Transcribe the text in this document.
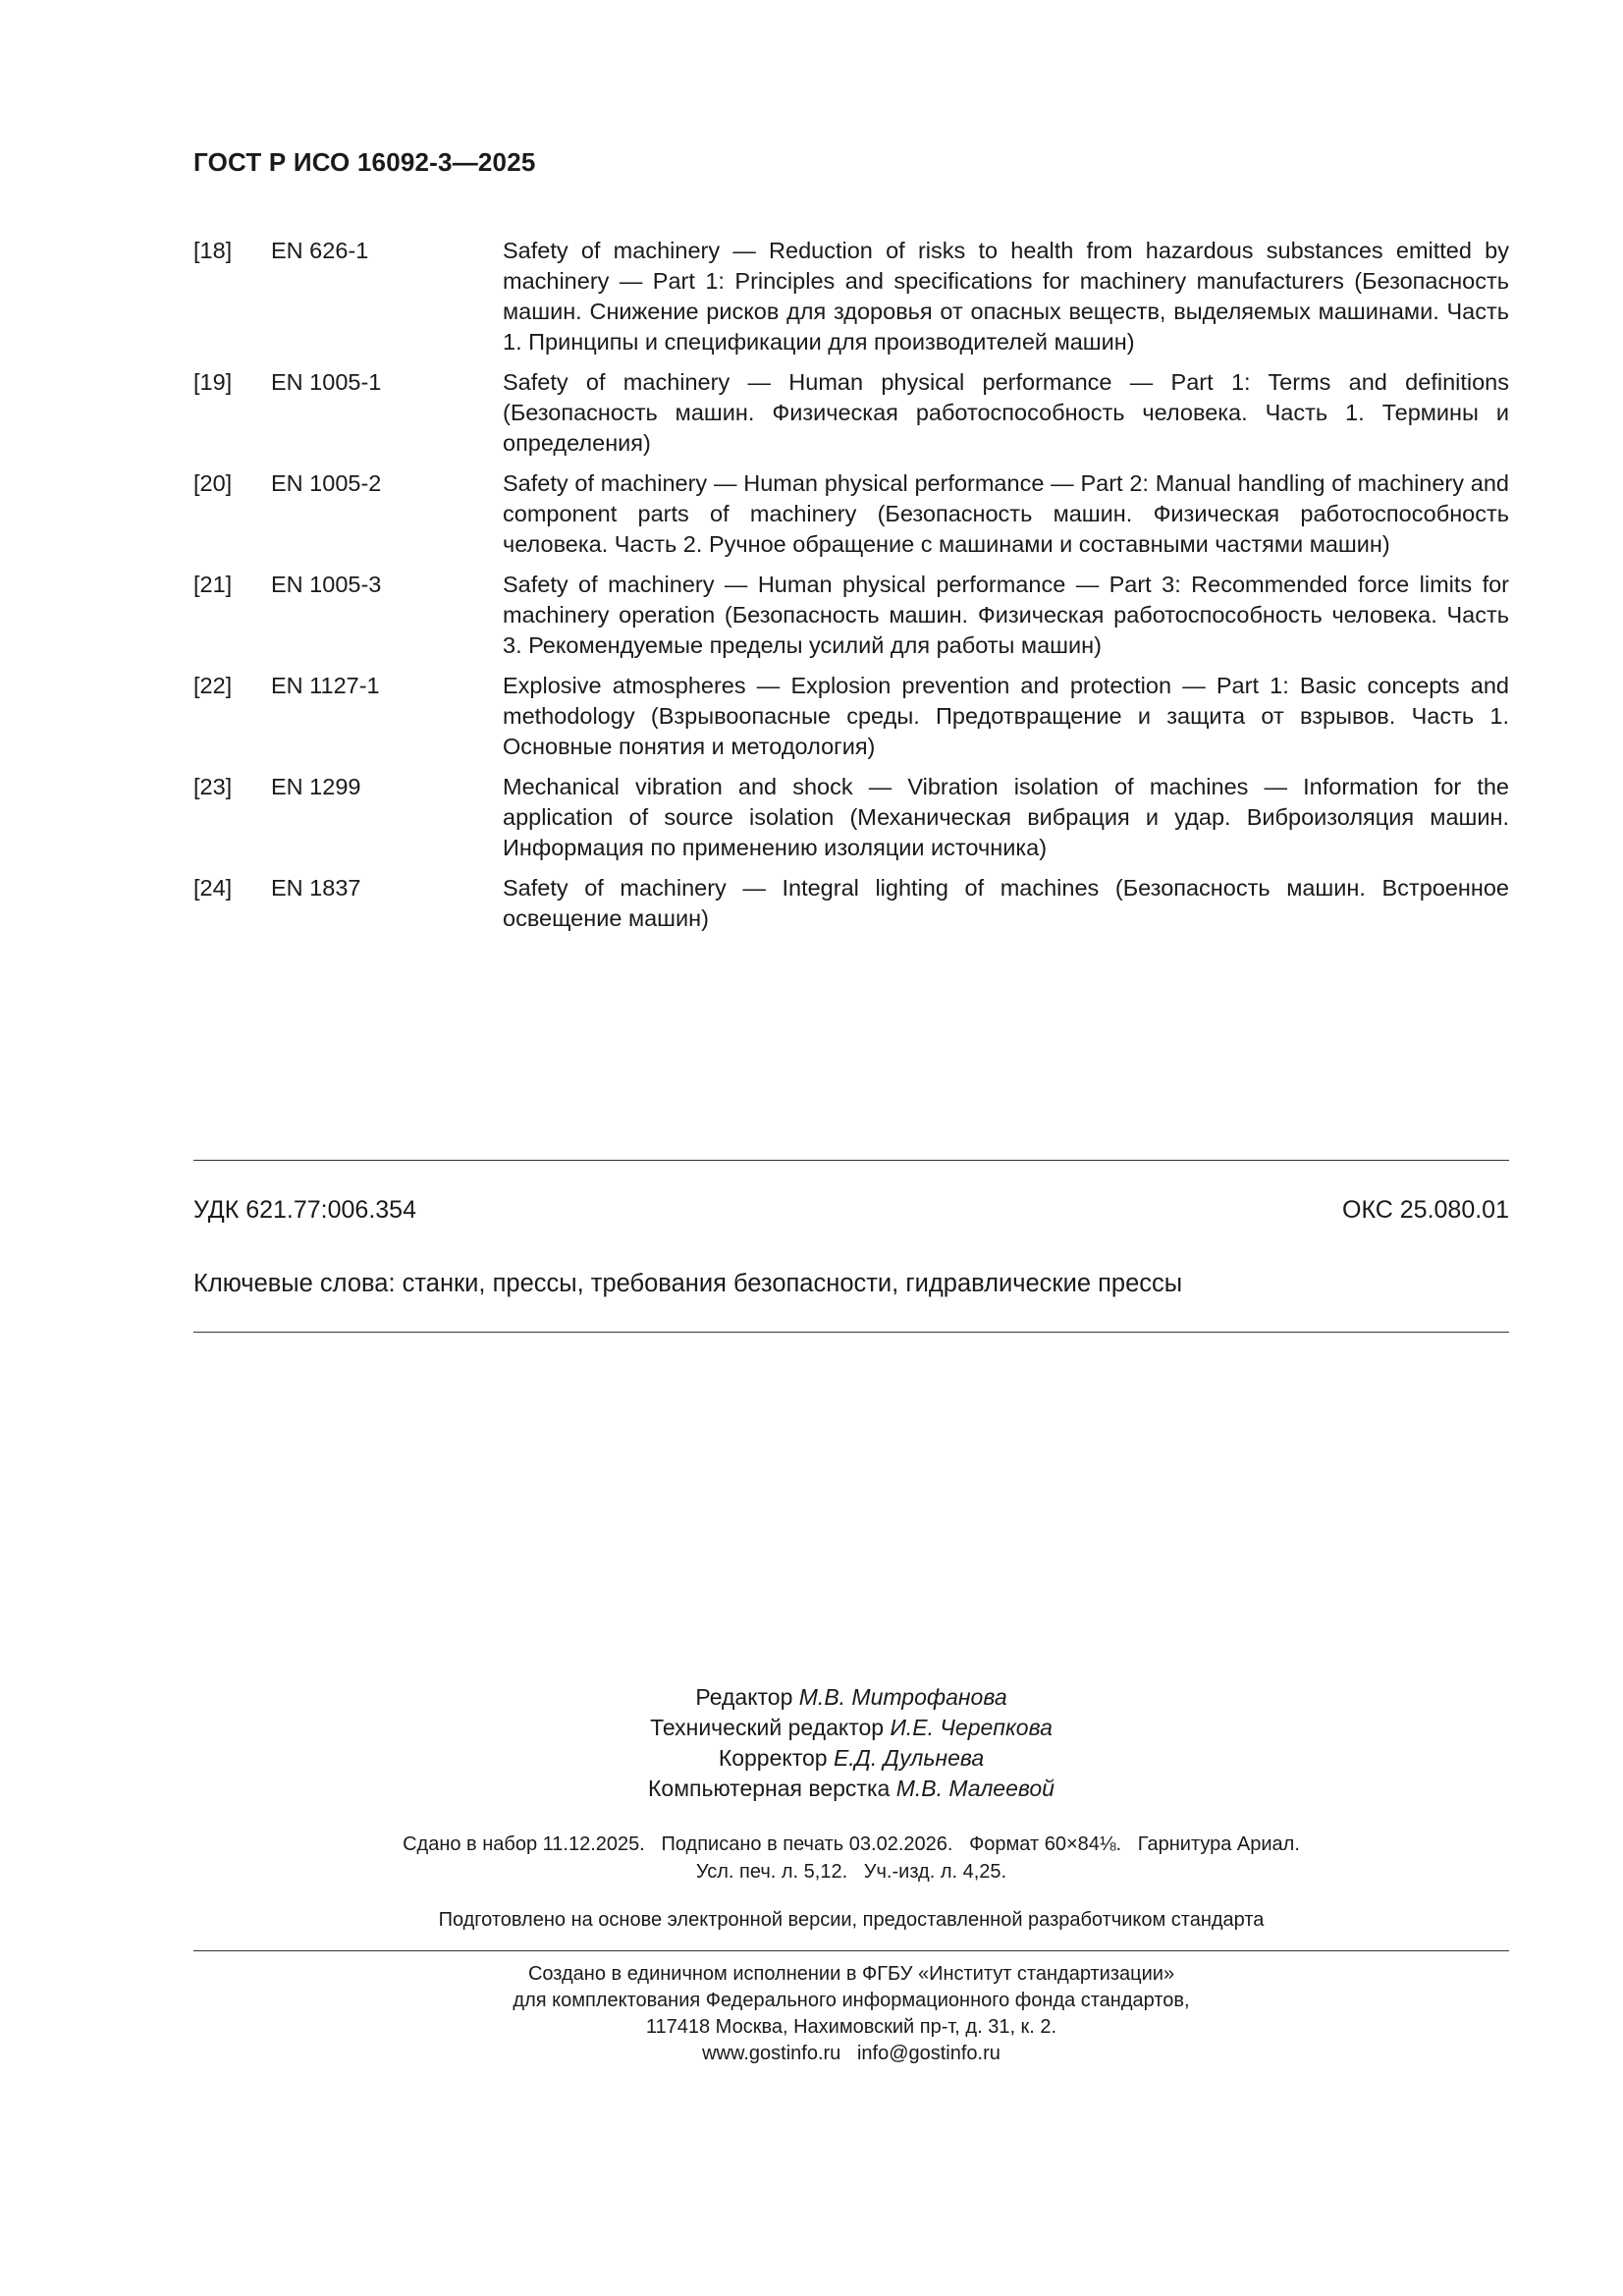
ГОСТ Р ИСО 16092-3—2025
[18]	EN 626-1	Safety of machinery — Reduction of risks to health from hazardous substances emitted by machinery — Part 1: Principles and specifications for machinery manufacturers (Безопасность машин. Снижение рисков для здоровья от опасных веществ, выделяемых машинами. Часть 1. Принципы и спецификации для производителей машин)
[19]	EN 1005-1	Safety of machinery — Human physical performance — Part 1: Terms and definitions (Безопасность машин. Физическая работоспособность человека. Часть 1. Термины и определения)
[20]	EN 1005-2	Safety of machinery — Human physical performance — Part 2: Manual handling of machinery and component parts of machinery (Безопасность машин. Физическая работоспособность человека. Часть 2. Ручное обращение с машинами и составными частями машин)
[21]	EN 1005-3	Safety of machinery — Human physical performance — Part 3: Recommended force limits for machinery operation (Безопасность машин. Физическая работоспособность человека. Часть 3. Рекомендуемые пределы усилий для работы машин)
[22]	EN 1127-1	Explosive atmospheres — Explosion prevention and protection — Part 1: Basic concepts and methodology (Взрывоопасные среды. Предотвращение и защита от взрывов. Часть 1. Основные понятия и методология)
[23]	EN 1299	Mechanical vibration and shock — Vibration isolation of machines — Information for the application of source isolation (Механическая вибрация и удар. Виброизоляция машин. Информация по применению изоляции источника)
[24]	EN 1837	Safety of machinery — Integral lighting of machines (Безопасность машин. Встроенное освещение машин)
УДК 621.77:006.354	ОКС 25.080.01
Ключевые слова: станки, прессы, требования безопасности, гидравлические прессы
Редактор М.В. Митрофанова
Технический редактор И.Е. Черепкова
Корректор Е.Д. Дульнева
Компьютерная верстка М.В. Малеевой
Сдано в набор 11.12.2025.   Подписано в печать 03.02.2026.   Формат 60×84⅛.   Гарнитура Ариал.
Усл. печ. л. 5,12.   Уч.-изд. л. 4,25.
Подготовлено на основе электронной версии, предоставленной разработчиком стандарта
Создано в единичном исполнении в ФГБУ «Институт стандартизации»
для комплектования Федерального информационного фонда стандартов,
117418 Москва, Нахимовский пр-т, д. 31, к. 2.
www.gostinfo.ru   info@gostinfo.ru
